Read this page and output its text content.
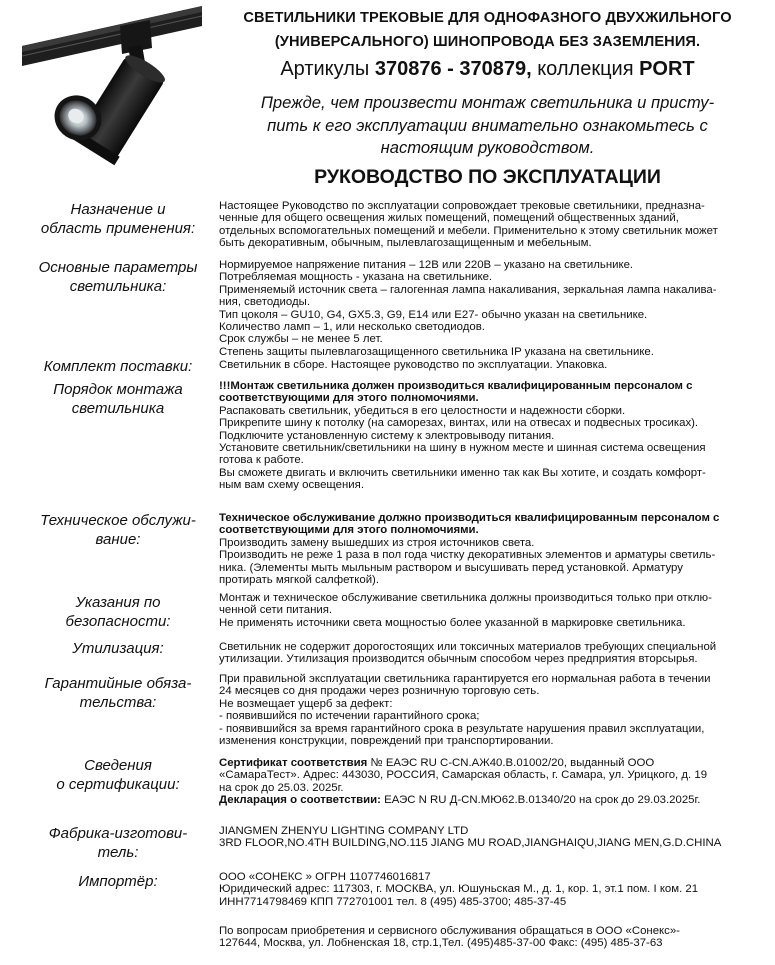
СВЕТИЛЬНИКИ ТРЕКОВЫЕ ДЛЯ ОДНОФАЗНОГО ДВУХЖИЛЬНОГО
(УНИВЕРСАЛЬНОГО) ШИНОПРОВОДА БЕЗ ЗАЗЕМЛЕНИЯ.
Артикулы 370876 - 370879, коллекция PORT
Прежде, чем произвести монтаж светильника и присту-
пить к его эксплуатации внимательно ознакомьтесь с
настоящим руководством.
РУКОВОДСТВО ПО ЭКСПЛУАТАЦИИ
Назначение и
область применения:
Настоящее Руководство по эксплуатации сопровождает трековые светильники, предназна-
ченные для общего освещения жилых помещений, помещений общественных зданий,
отдельных вспомогательных помещений и мебели. Применительно к этому светильник может
быть декоративным, обычным, пылевлагозащищенным и мебельным.
Основные параметры
светильника:
Нормируемое напряжение питания – 12В или 220В – указано на светильнике.
Потребляемая мощность - указана на светильнике.
Применяемый источник света – галогенная лампа накаливания, зеркальная лампа накалива-
ния, светодиоды.
Тип цоколя – GU10, G4, GX5.3, G9, E14 или E27- обычно указан на светильнике.
Количество ламп – 1, или несколько светодиодов.
Срок службы – не менее 5 лет.
Степень защиты пылевлагозащищенного светильника IP указана на светильнике.
Комплект поставки:	Светильник в сборе. Настоящее руководство по эксплуатации. Упаковка.
Порядок монтажа
светильника
!!!Монтаж светильника должен производиться квалифицированным персоналом с
соответствующими для этого полномочиями.
Распаковать светильник, убедиться в его целостности и надежности сборки.
Прикрепите шину к потолку (на саморезах, винтах, или на отвесах и подвесных тросиках).
Подключите установленную систему к электровыводу питания.
Установите светильник/светильники на шину в нужном месте и шинная система освещения
готова к работе.
Вы сможете двигать и включить светильники именно так как Вы хотите, и создать комфорт-
ным вам схему освещения.
Техническое обслужи-
вание:
Техническое обслуживание должно производиться квалифицированным персоналом с
соответствующими для этого полномочиями.
Производить замену вышедших из строя источников света.
Производить не реже 1 раза в пол года чистку декоративных элементов и арматуры светиль-
ника. (Элементы мыть мыльным раствором и высушивать перед установкой. Арматуру
протирать мягкой салфеткой).
Указания по
безопасности:
Монтаж и техническое обслуживание светильника должны производиться только при отклю-
ченной сети питания.
Не применять источники света мощностью более указанной в маркировке светильника.
Утилизация:	Светильник не содержит дорогостоящих или токсичных материалов требующих специальной
утилизации. Утилизация производится обычным способом через предприятия вторсырья.
Гарантийные обяза-
тельства:
При правильной эксплуатации светильника гарантируется его нормальная работа в течении
24 месяцев со дня продажи через розничную торговую сеть.
Не возмещает ущерб за дефект:
- появившийся по истечении гарантийного срока;
- появившийся за время гарантийного срока в результате нарушения правил эксплуатации,
изменения конструкции, повреждений при транспортировании.
Сведения
о сертификации:
Сертификат соответствия № ЕАЭС RU С-CN.АЖ40.В.01002/20, выданный ООО
«СамараТест». Адрес: 443030, РОССИЯ, Самарская область, г. Самара, ул. Урицкого, д. 19
на срок до 25.03. 2025г.
Декларация о соответствии: ЕАЭС N RU Д-CN.МЮ62.В.01340/20 на срок до 29.03.2025г.
Фабрика-изготови-
тель:
JIANGMEN ZHENYU LIGHTING COMPANY LTD
3RD FLOOR,NO.4TH BUILDING,NO.115 JIANG MU ROAD,JIANGHAIQU,JIANG MEN,G.D.CHINA
Импортёр:	ООО «СОНЕКС » ОГРН 1107746016817
Юридический адрес: 117303, г. МОСКВА, ул. Юшуньская М., д. 1, кор. 1, эт.1 пом. I ком. 21
ИНН7714798469 КПП 772701001 тел. 8 (495) 485-3700; 485-37-45
По вопросам приобретения и сервисного обслуживания обращаться в ООО «Сонекс»-
127644, Москва, ул. Лобненская 18, стр.1,Тел. (495)485-37-00 Факс: (495) 485-37-63
